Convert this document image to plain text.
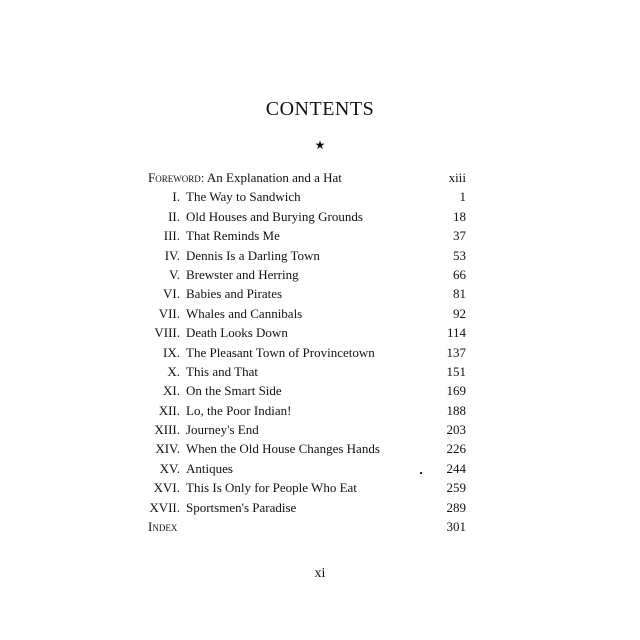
CONTENTS
★
Foreword: An Explanation and a Hat	xiii
I. The Way to Sandwich	1
II. Old Houses and Burying Grounds	18
III. That Reminds Me	37
IV. Dennis Is a Darling Town	53
V. Brewster and Herring	66
VI. Babies and Pirates	81
VII. Whales and Cannibals	92
VIII. Death Looks Down	114
IX. The Pleasant Town of Provincetown	137
X. This and That	151
XI. On the Smart Side	169
XII. Lo, the Poor Indian!	188
XIII. Journey's End	203
XIV. When the Old House Changes Hands	226
XV. Antiques	244
XVI. This Is Only for People Who Eat	259
XVII. Sportsmen's Paradise	289
Index	301
xi
